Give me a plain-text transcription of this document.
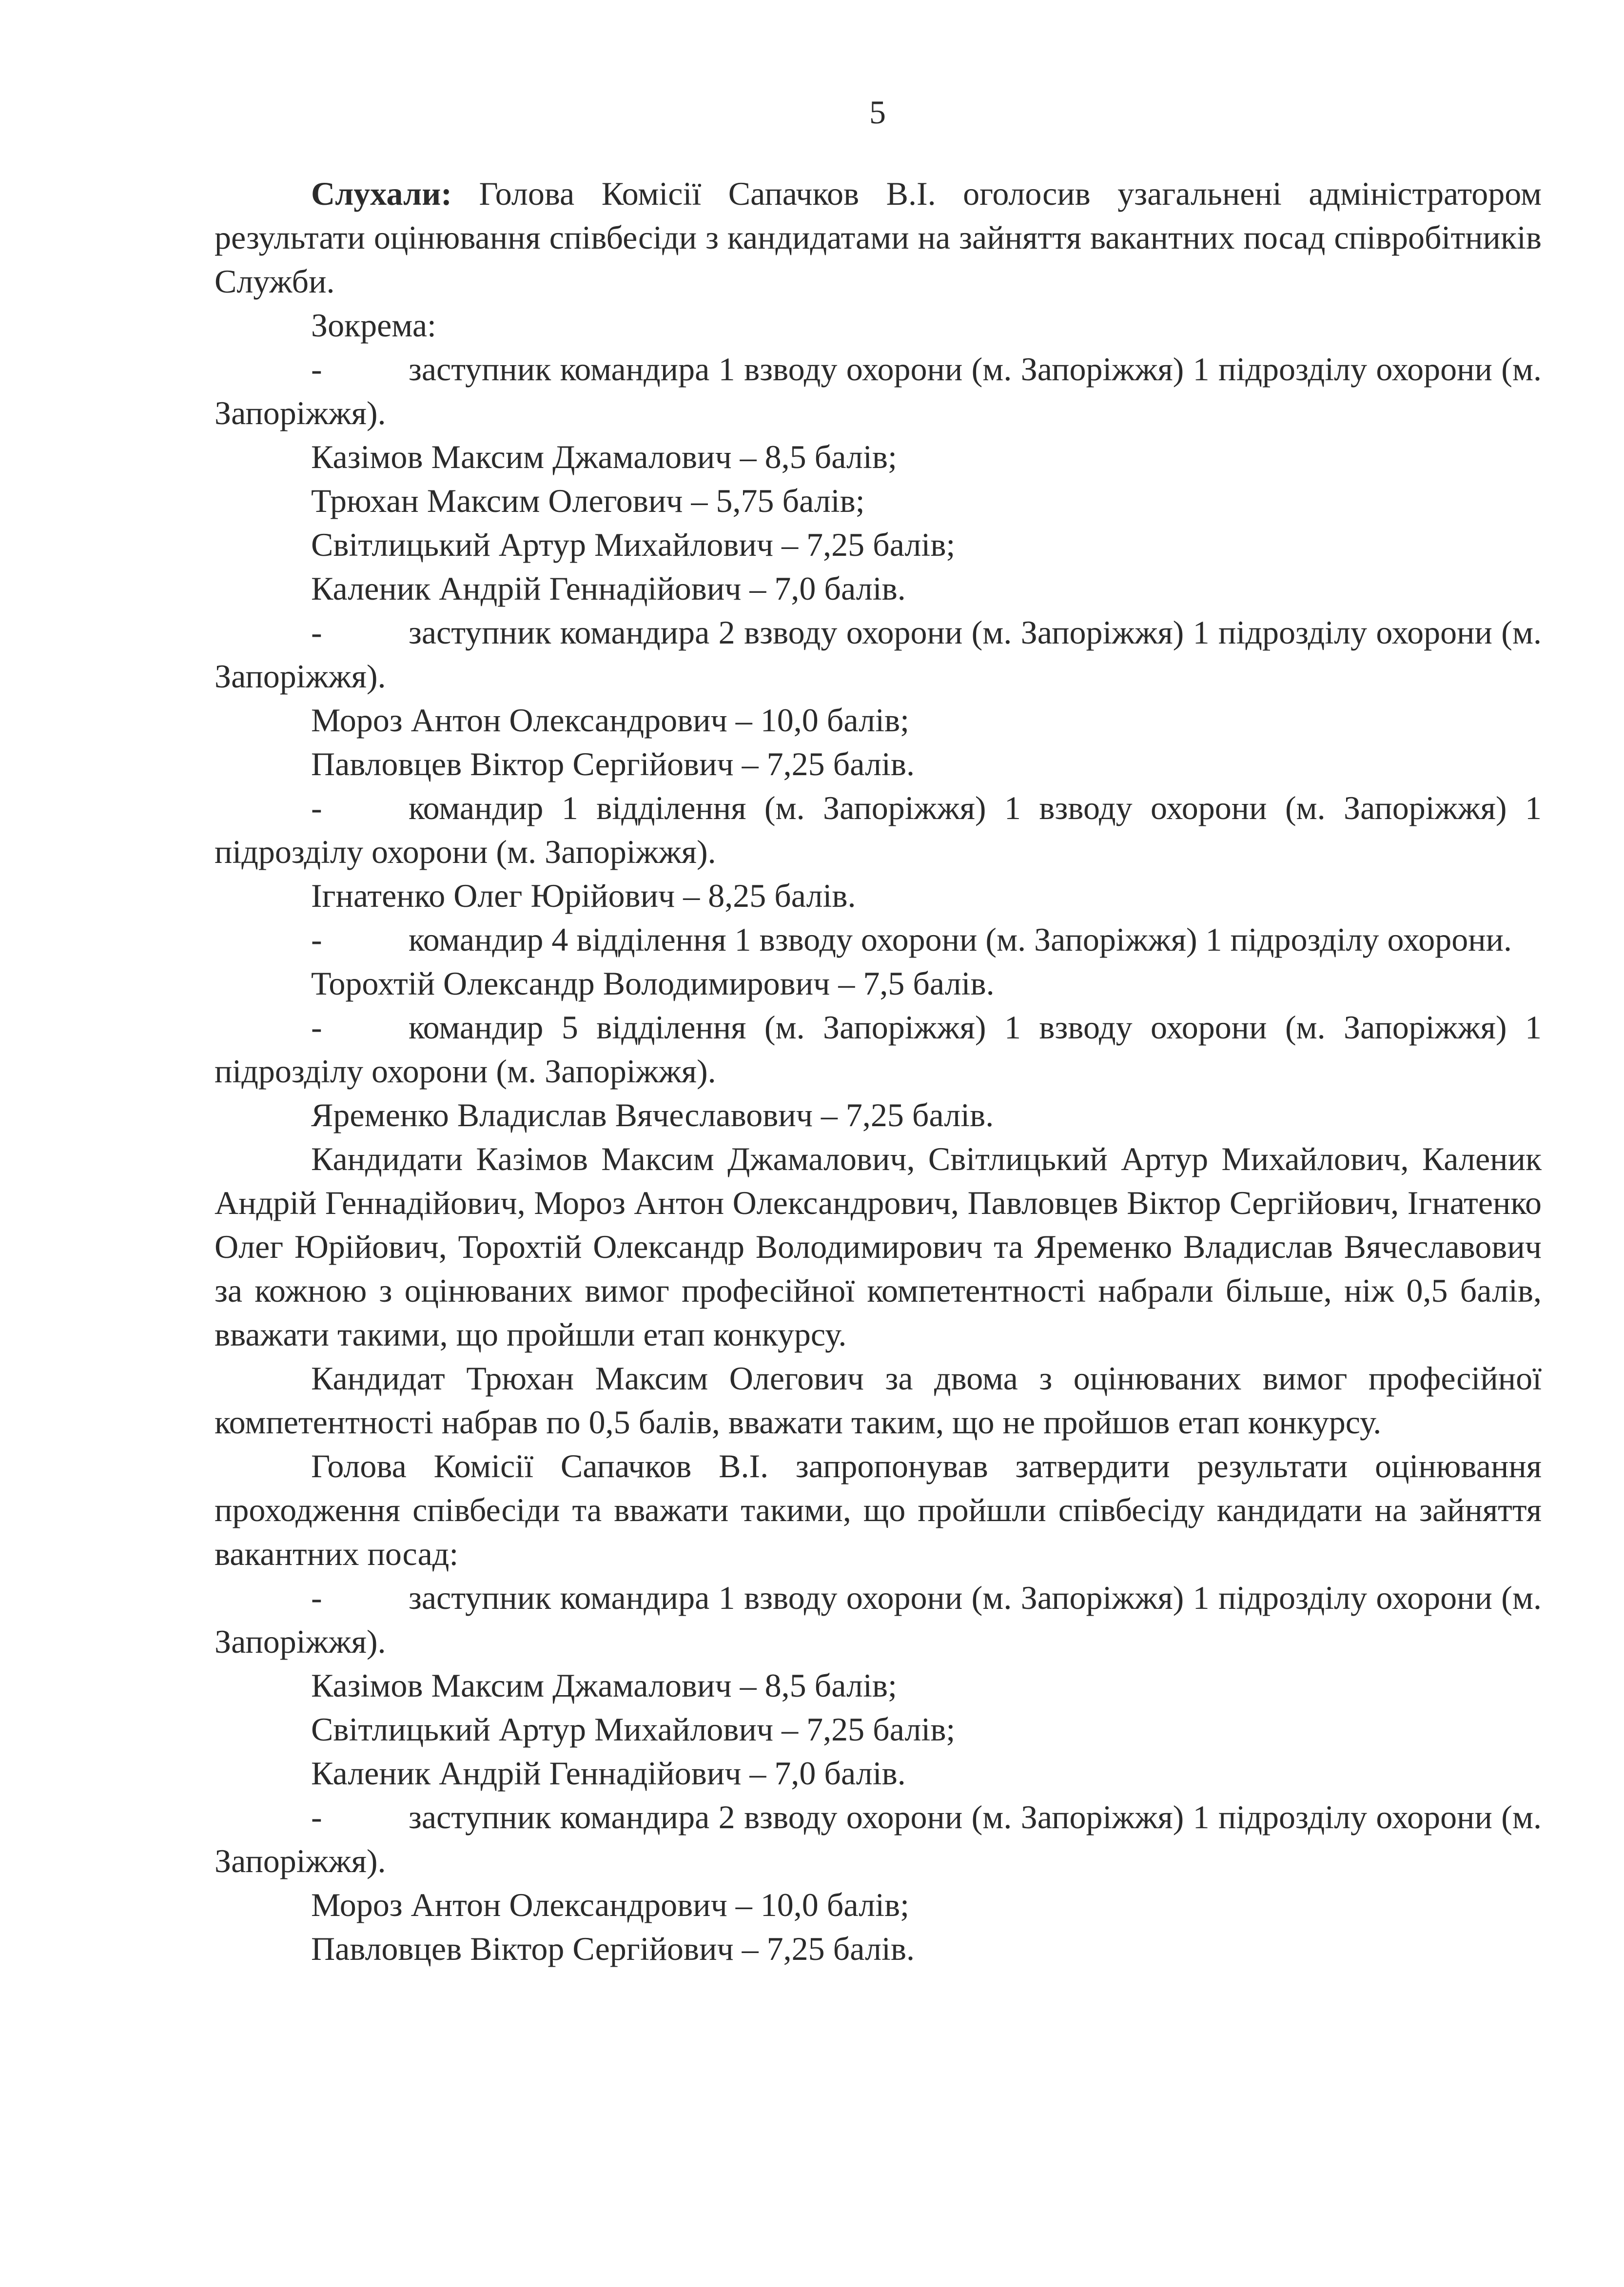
5

Слухали: Голова Комісії Сапачков В.І. оголосив узагальнені адміністратором результати оцінювання співбесіди з кандидатами на зайняття вакантних посад співробітників Служби.

Зокрема:

-	заступник командира 1 взводу охорони (м. Запоріжжя) 1 підрозділу охорони (м. Запоріжжя).

Казімов Максим Джамалович – 8,5 балів;

Трюхан Максим Олегович – 5,75 балів;

Світлицький Артур Михайлович – 7,25 балів;

Каленик Андрій Геннадійович – 7,0 балів.

-	заступник командира 2 взводу охорони (м. Запоріжжя) 1 підрозділу охорони (м. Запоріжжя).

Мороз Антон Олександрович – 10,0 балів;

Павловцев Віктор Сергійович – 7,25 балів.

-	командир 1 відділення (м. Запоріжжя) 1 взводу охорони (м. Запоріжжя) 1 підрозділу охорони (м. Запоріжжя).

Ігнатенко Олег Юрійович – 8,25 балів.

-	командир 4 відділення 1 взводу охорони (м. Запоріжжя) 1 підрозділу охорони.

Торохтій Олександр Володимирович – 7,5 балів.

-	командир 5 відділення (м. Запоріжжя) 1 взводу охорони (м. Запоріжжя) 1 підрозділу охорони (м. Запоріжжя).

Яременко Владислав Вячеславович – 7,25 балів.

Кандидати Казімов Максим Джамалович, Світлицький Артур Михайлович, Каленик Андрій Геннадійович, Мороз Антон Олександрович, Павловцев Віктор Сергійович, Ігнатенко Олег Юрійович, Торохтій Олександр Володимирович та Яременко Владислав Вячеславович за кожною з оцінюваних вимог професійної компетентності набрали більше, ніж 0,5 балів, вважати такими, що пройшли етап конкурсу.

Кандидат Трюхан Максим Олегович за двома з оцінюваних вимог професійної компетентності набрав по 0,5 балів, вважати таким, що не пройшов етап конкурсу.

Голова Комісії Сапачков В.І. запропонував затвердити результати оцінювання проходження співбесіди та вважати такими, що пройшли співбесіду кандидати на зайняття вакантних посад:

-	заступник командира 1 взводу охорони (м. Запоріжжя) 1 підрозділу охорони (м. Запоріжжя).

Казімов Максим Джамалович – 8,5 балів;

Світлицький Артур Михайлович – 7,25 балів;

Каленик Андрій Геннадійович – 7,0 балів.

-	заступник командира 2 взводу охорони (м. Запоріжжя) 1 підрозділу охорони (м. Запоріжжя).

Мороз Антон Олександрович – 10,0 балів;

Павловцев Віктор Сергійович – 7,25 балів.
